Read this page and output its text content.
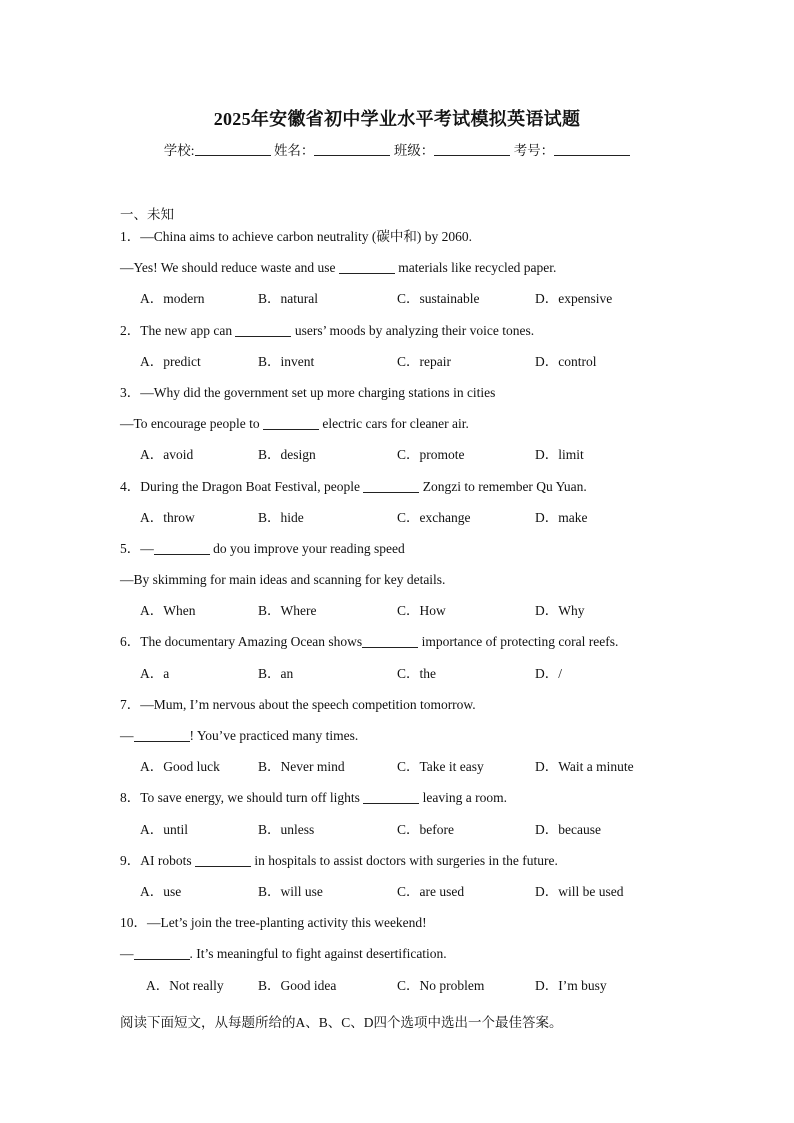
2025年安徽省初中学业水平考试模拟英语试题
学校:	姓名：	班级：	考号：
一、未知
1．—China aims to achieve carbon neutrality (碳中和) by 2060.
—Yes! We should reduce waste and use	materials like recycled paper.
A．modern	B．natural	C．sustainable	D．expensive
2．The new app can	users’ moods by analyzing their voice tones.
A．predict	B．invent	C．repair	D．control
3．—Why did the government set up more charging stations in cities
—To encourage people to	electric cars for cleaner air.
A．avoid	B．design	C．promote	D．limit
4．During the Dragon Boat Festival, people	Zongzi to remember Qu Yuan.
A．throw	B．hide	C．exchange	D．make
5．—	do you improve your reading speed
—By skimming for main ideas and scanning for key details.
A．When	B．Where	C．How	D．Why
6．The documentary Amazing Ocean shows	importance of protecting coral reefs.
A．a	B．an	C．the	D．/
7．—Mum, I’m nervous about the speech competition tomorrow.
—	! You’ve practiced many times.
A．Good luck	B．Never mind	C．Take it easy	D．Wait a minute
8．To save energy, we should turn off lights	leaving a room.
A．until	B．unless	C．before	D．because
9．AI robots	in hospitals to assist doctors with surgeries in the future.
A．use	B．will use	C．are used	D．will be used
10．—Let’s join the tree-planting activity this weekend!
—	. It’s meaningful to fight against desertification.
A．Not really	B．Good idea	C．No problem	D．I’m busy
阅读下面短文，从每题所给的A、B、C、D四个选项中选出一个最佳答案。
